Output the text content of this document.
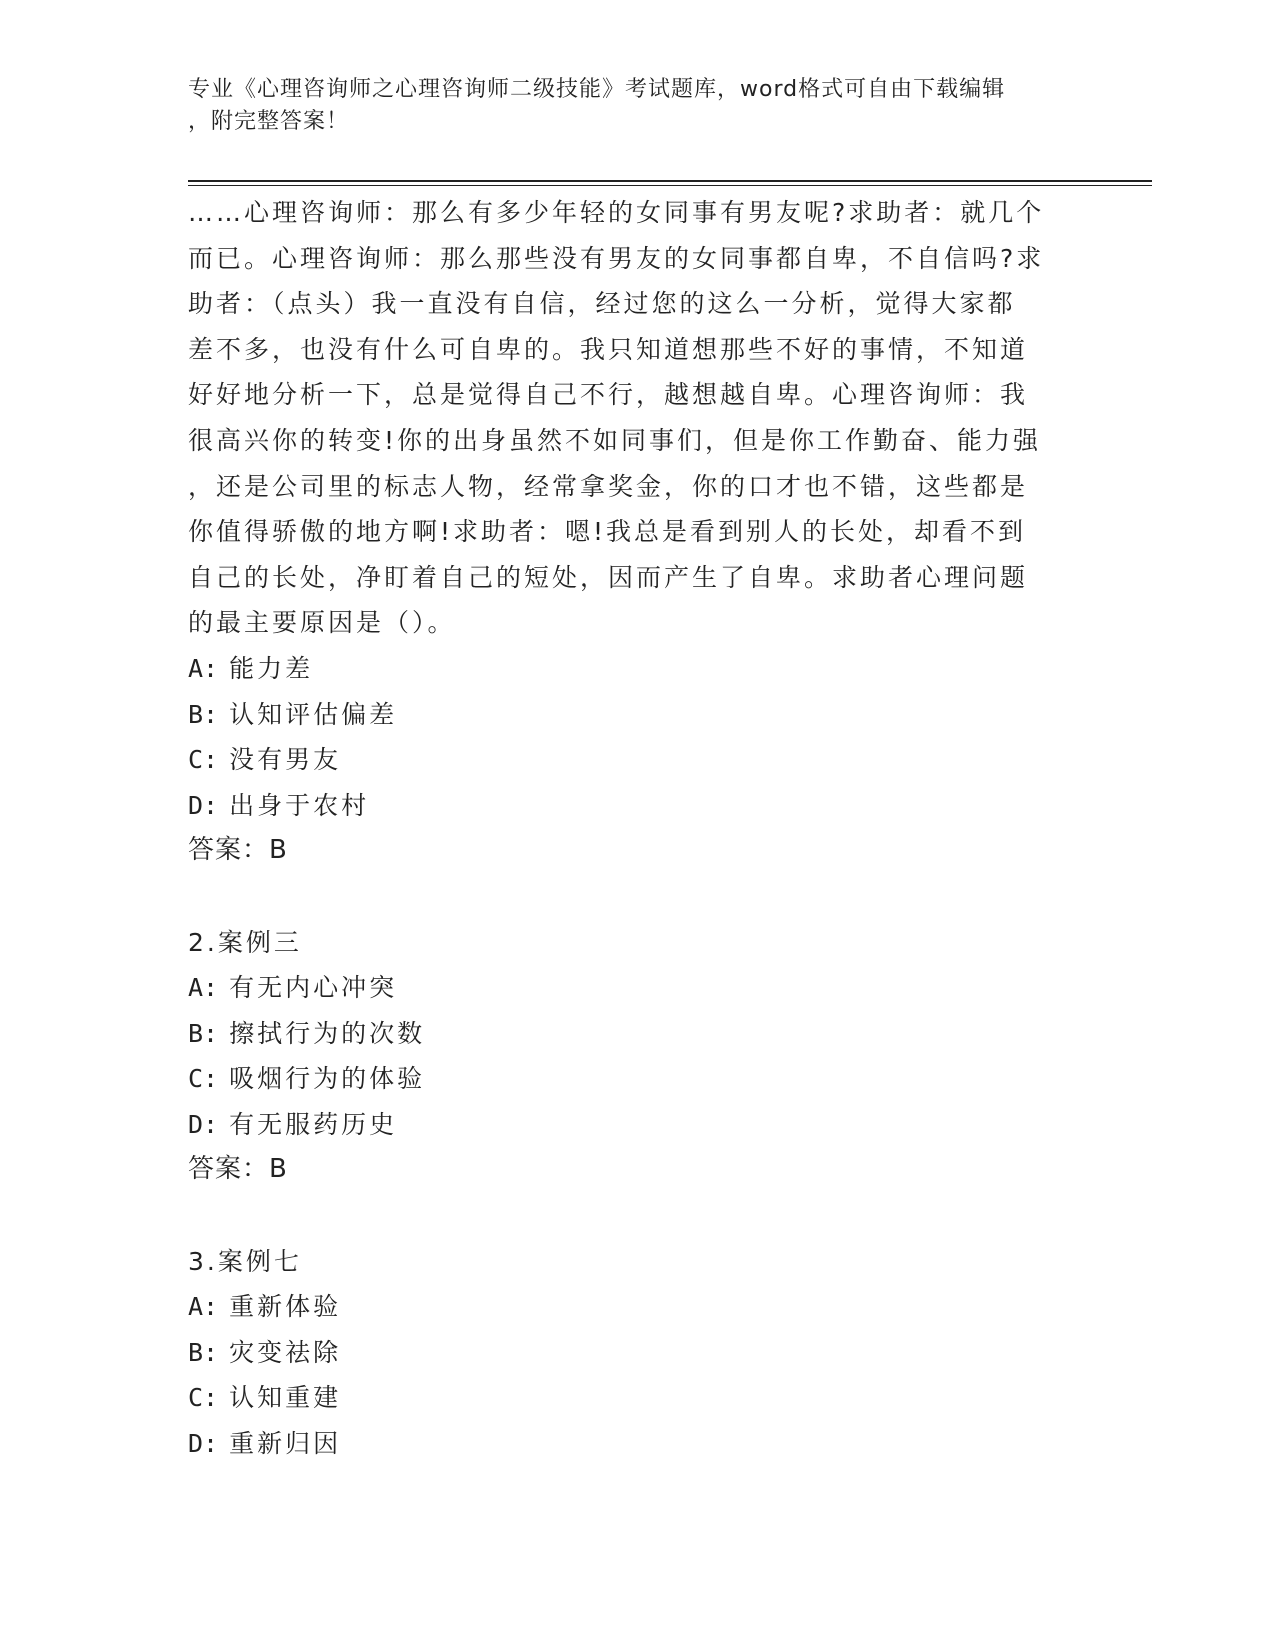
专业《心理咨询师之心理咨询师二级技能》考试题库，word格式可自由下载编辑
，附完整答案！
……心理咨询师：那么有多少年轻的女同事有男友呢?求助者：就几个
而已。心理咨询师：那么那些没有男友的女同事都自卑，不自信吗?求
助者：（点头）我一直没有自信，经过您的这么一分析，觉得大家都
差不多，也没有什么可自卑的。我只知道想那些不好的事情，不知道
好好地分析一下，总是觉得自己不行，越想越自卑。心理咨询师：我
很高兴你的转变!你的出身虽然不如同事们，但是你工作勤奋、能力强
，还是公司里的标志人物，经常拿奖金，你的口才也不错，这些都是
你值得骄傲的地方啊!求助者：嗯!我总是看到别人的长处，却看不到
自己的长处，净盯着自己的短处，因而产生了自卑。求助者心理问题
的最主要原因是（）。
A: 能力差
B: 认知评估偏差
C: 没有男友
D: 出身于农村
答案：B
2.案例三
A: 有无内心冲突
B: 擦拭行为的次数
C: 吸烟行为的体验
D: 有无服药历史
答案：B
3.案例七
A: 重新体验
B: 灾变祛除
C: 认知重建
D: 重新归因
